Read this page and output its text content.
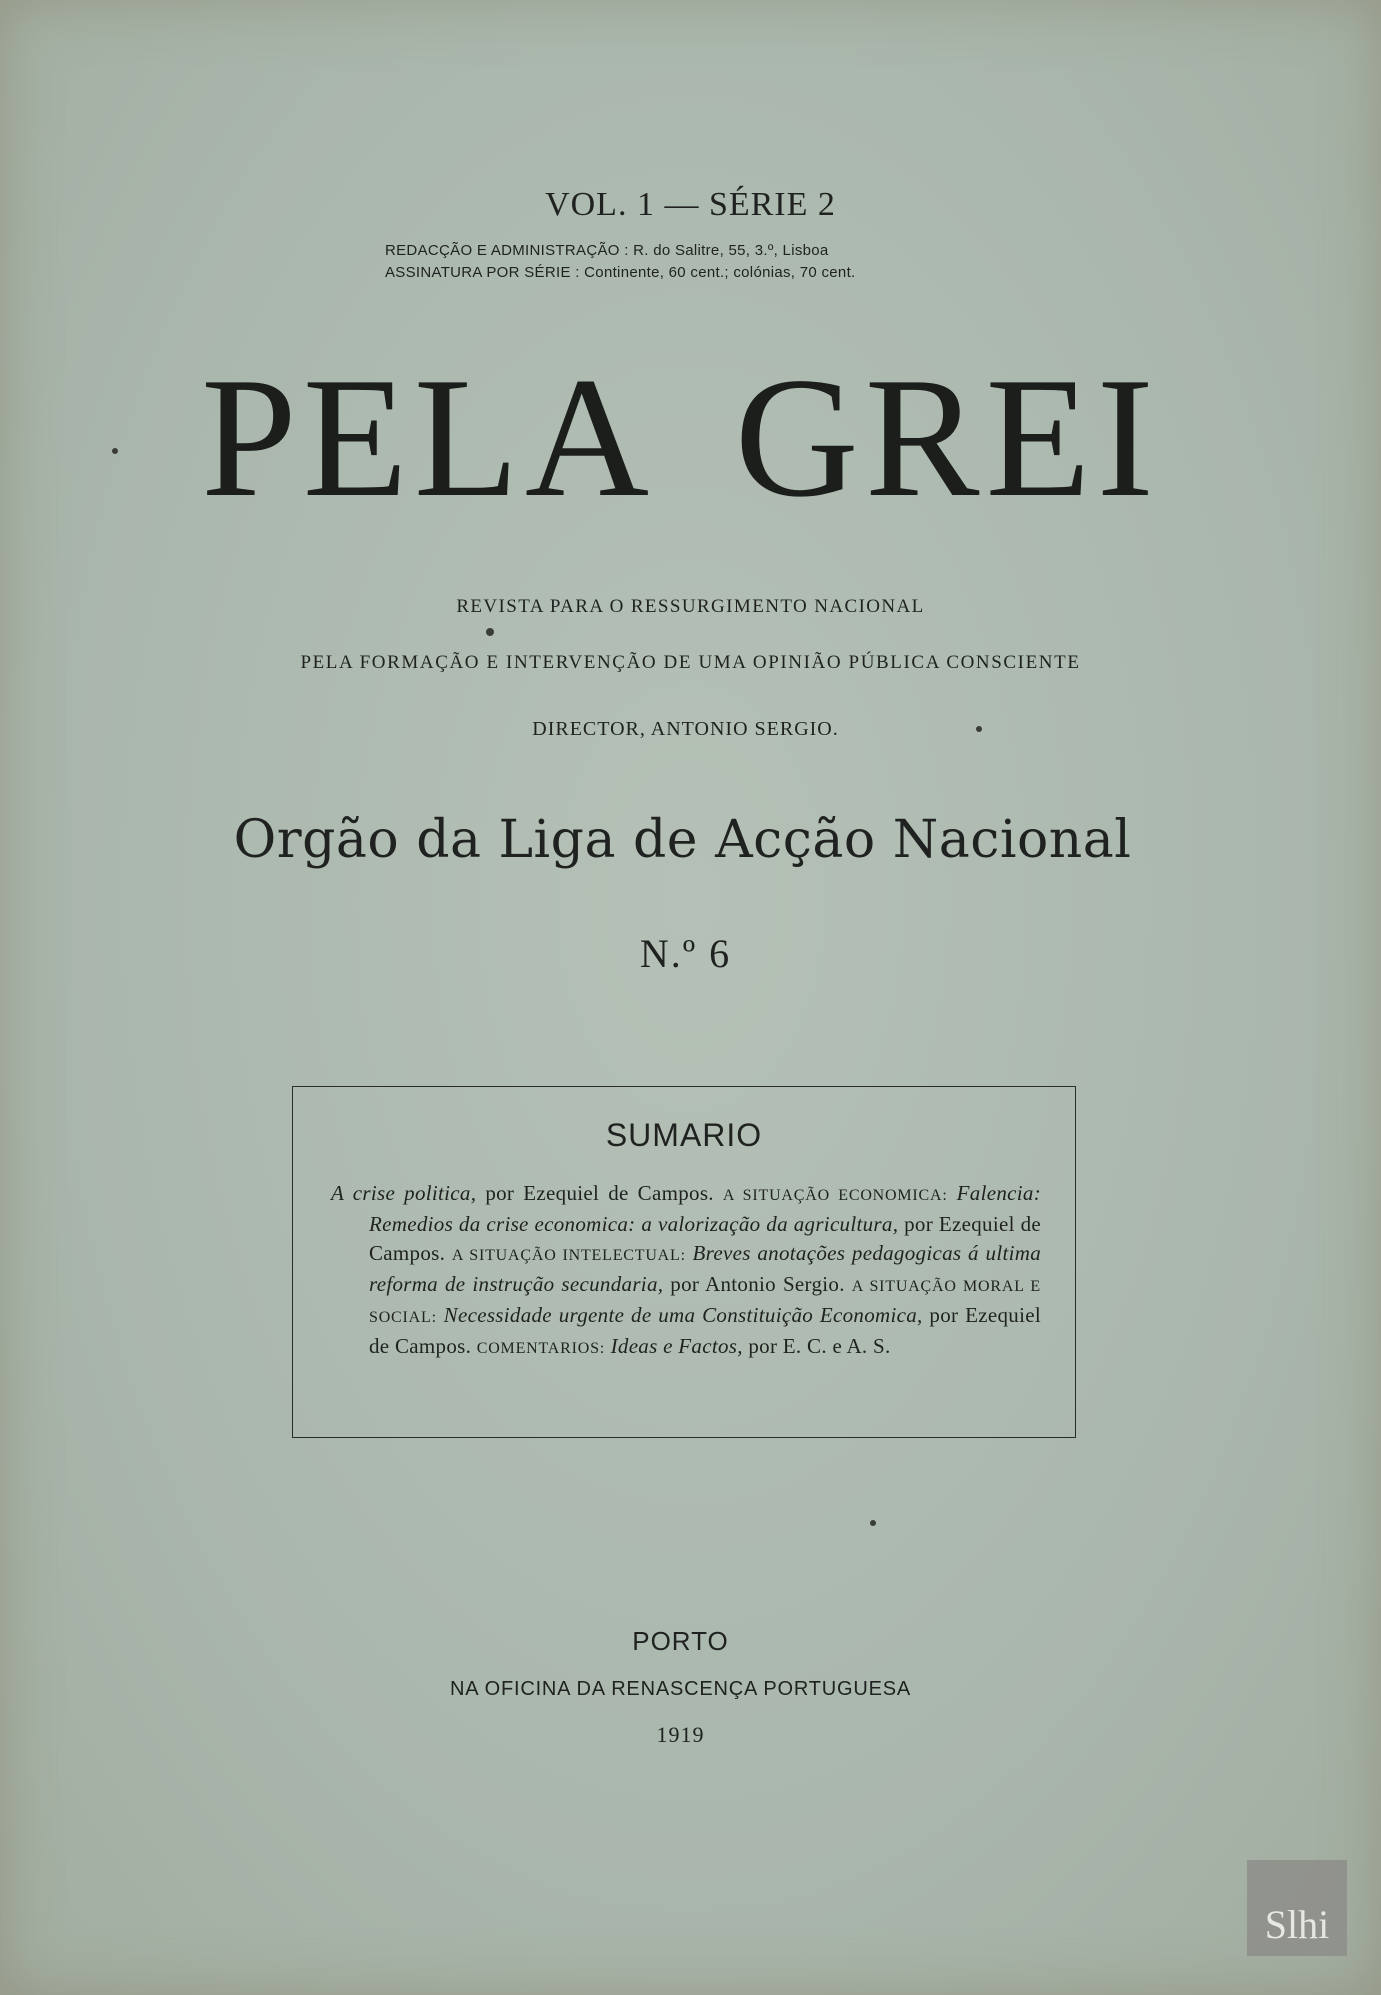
VOL. 1 — SÉRIE 2
REDACÇÃO E ADMINISTRAÇÃO : R. do Salitre, 55, 3.º, Lisboa
ASSINATURA POR SÉRIE : Continente, 60 cent.; colónias, 70 cent.
PELA GREI
REVISTA PARA O RESSURGIMENTO NACIONAL
PELA FORMAÇÃO E INTERVENÇÃO DE UMA OPINIÃO PÚBLICA CONSCIENTE
DIRECTOR, ANTONIO SERGIO.
Orgão da Liga de Acção Nacional
N.º 6
SUMARIO

A crise politica, por Ezequiel de Campos. A SITUAÇÃO ECONOMICA: Falencia: Remedios da crise economica: a valorização da agricultura, por Ezequiel de Campos. A SITUAÇÃO INTELECTUAL: Breves anotações pedagogicas á ultima reforma de instrução secundaria, por Antonio Sergio. A SITUAÇÃO MORAL E SOCIAL: Necessidade urgente de uma Constituição Economica, por Ezequiel de Campos. COMENTARIOS: Ideas e Factos, por E. C. e A. S.

PORTO
NA OFICINA DA RENASCENÇA PORTUGUESA
1919
Slhi
